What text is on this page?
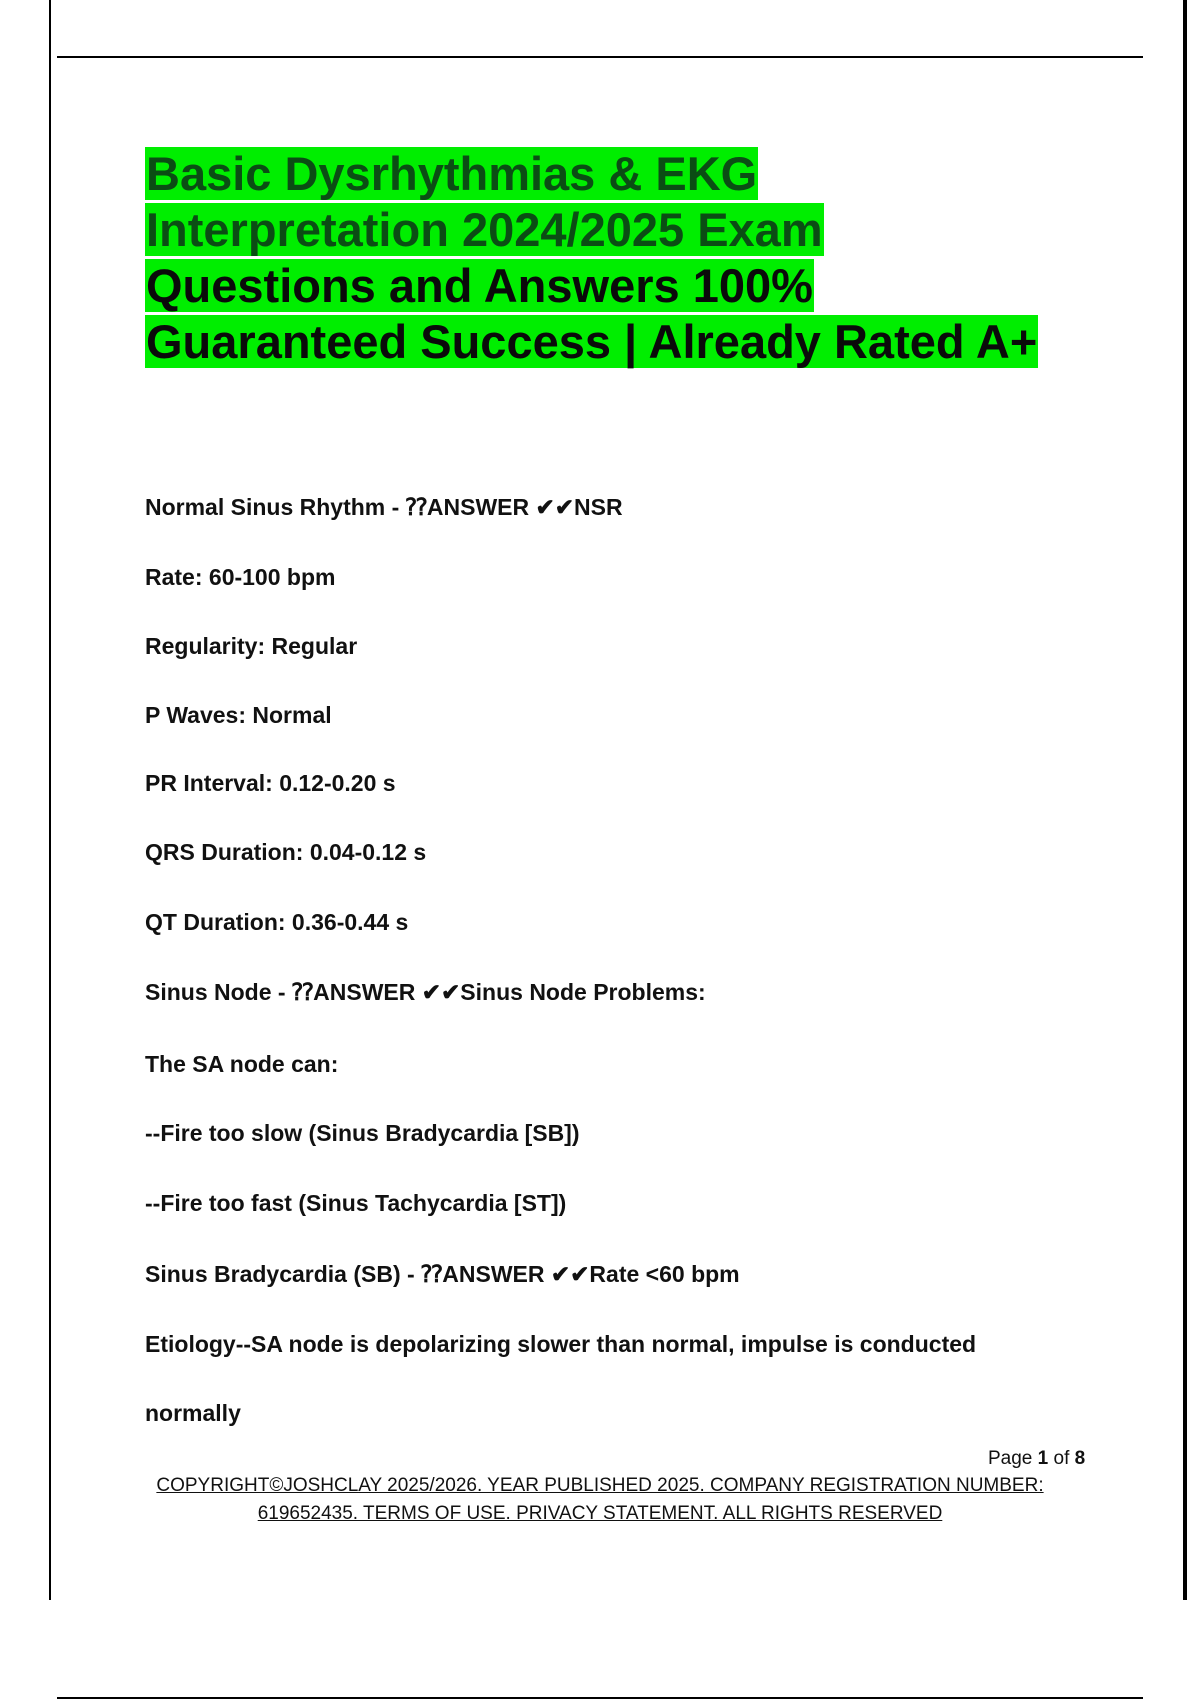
Basic Dysrhythmias & EKG
Interpretation 2024/2025 Exam
Questions and Answers 100%
Guaranteed Success | Already Rated A+
Normal Sinus Rhythm - ⁇ANSWER ✔✔NSR
Rate: 60-100 bpm
Regularity: Regular
P Waves: Normal
PR Interval: 0.12-0.20 s
QRS Duration: 0.04-0.12 s
QT Duration: 0.36-0.44 s
Sinus Node - ⁇ANSWER ✔✔Sinus Node Problems:
The SA node can:
--Fire too slow (Sinus Bradycardia [SB])
--Fire too fast (Sinus Tachycardia [ST])
Sinus Bradycardia (SB) - ⁇ANSWER ✔✔Rate <60 bpm
Etiology--SA node is depolarizing slower than normal, impulse is conducted
normally
Page 1 of 8
COPYRIGHT©JOSHCLAY 2025/2026. YEAR PUBLISHED 2025. COMPANY REGISTRATION NUMBER:
619652435. TERMS OF USE. PRIVACY STATEMENT. ALL RIGHTS RESERVED
